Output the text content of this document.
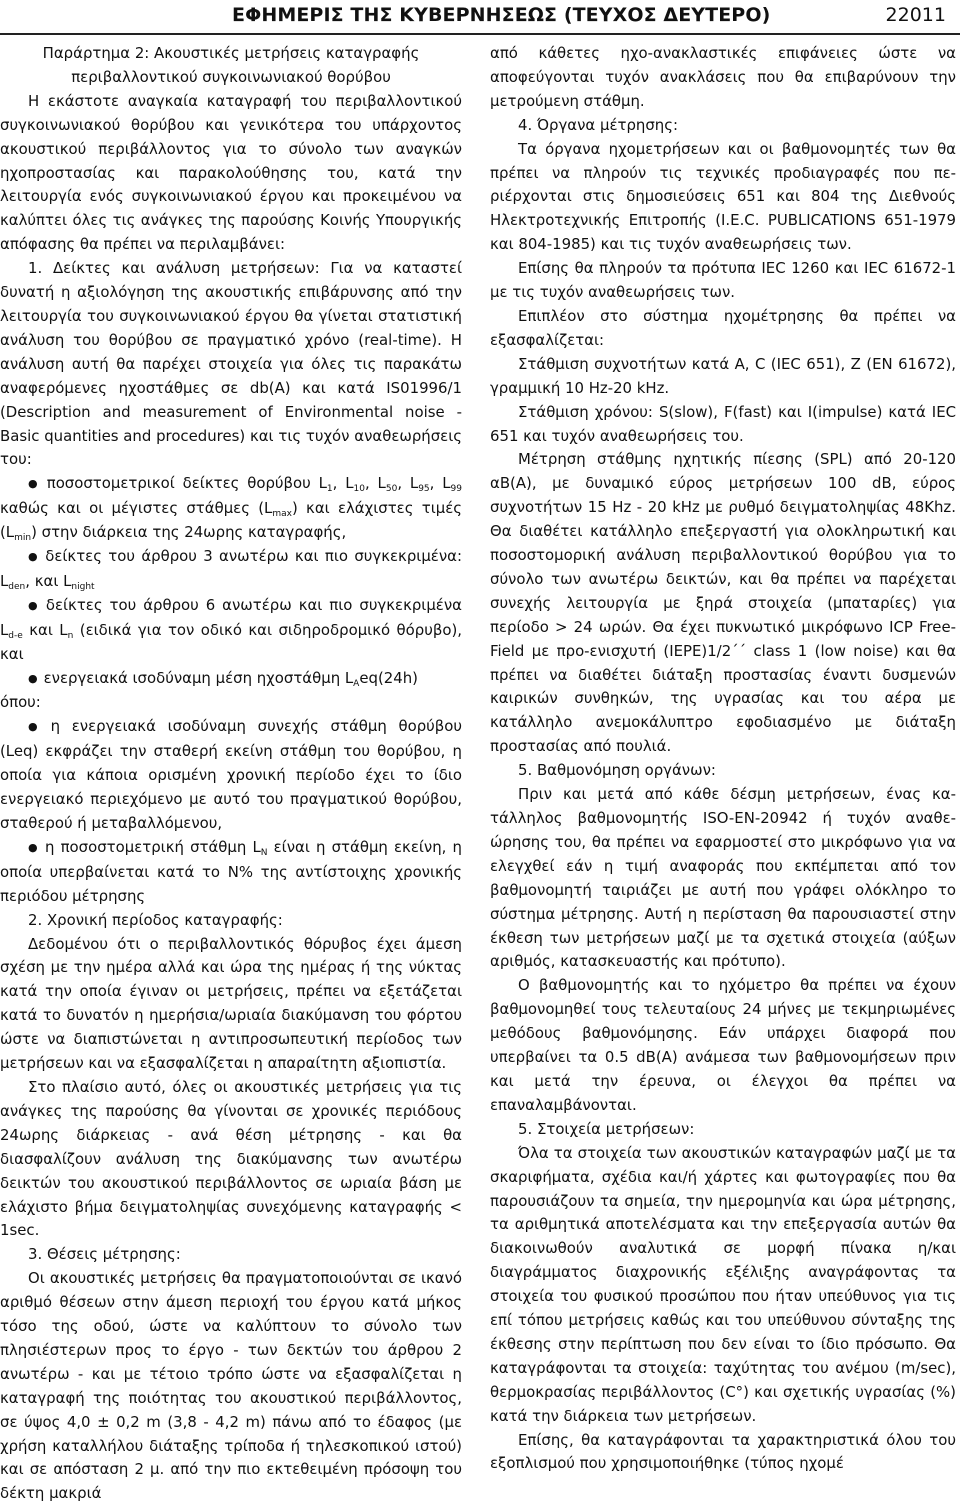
ΕΦΗΜΕΡΙΣ ΤΗΣ ΚΥΒΕΡΝΗΣΕΩΣ (ΤΕΥΧΟΣ ΔΕΥΤΕΡΟ)	22011

Παράρτημα 2: Ακουστικές μετρήσεις καταγραφής

περιβαλλοντικού συγκοινωνιακού θορύβου

Η εκάστοτε αναγκαία καταγραφή του περιβαλλοντικού συγκοινωνιακού θορύβου και γενικότερα του υπάρχοντος ακουστικού περιβάλλοντος για το σύνολο των αναγκών ηχοπροστασίας και παρακολούθησης του, κατά την λειτουργία ενός συγκοινωνιακού έργου και προκειμένου να καλύπτει όλες τις ανάγκες της παρούσης Κοινής Υπουργικής απόφασης θα πρέπει να περιλαμβάνει:

1. Δείκτες και ανάλυση μετρήσεων: Για να καταστεί δυνατή η αξιολόγηση της ακουστικής επιβάρυνσης από την λειτουργία του συγκοινωνιακού έργου θα γίνεται στατιστική ανάλυση του θορύβου σε πραγματικό χρόνο (real-time). Η ανάλυση αυτή θα παρέχει στοιχεία για όλες τις παρακάτω αναφερόμενες ηχοστάθμες σε db(A) και κατά IS01996/1 (Description and measurement of Environmental noise - Basic quantities and procedures) και τις τυχόν αναθεωρήσεις του:

● ποσοστομετρικοί δείκτες θορύβου $L_1$, $L_{10}$, $L_{50}$, $L_{95}$, $L_{99}$ καθώς και οι μέγιστες στάθμες $(L_{max})$ και ελάχιστες τιμές $(L_{min})$ στην διάρκεια της 24ωρης καταγραφής,

● δείκτες του άρθρου 3 ανωτέρω και πιο συγκεκριμένα: $L_{den}$, και $L_{night}$

● δείκτες του άρθρου 6 ανωτέρω και πιο συγκεκριμένα $L_{d-e}$ και $L_n$ (ειδικά για τον οδικό και σιδηροδρομικό θόρυβο), και

● ενεργειακά ισοδύναμη μέση ηχοστάθμη $L_Aeq(24h)$

όπου:

● η ενεργειακά ισοδύναμη συνεχής στάθμη θορύβου (Leq) εκφράζει την σταθερή εκείνη στάθμη του θορύβου, η οποία για κάποια ορισμένη χρονική περίοδο έχει το ίδιο ενεργειακό περιεχόμενο με αυτό του πραγματικού θορύβου, σταθερού ή μεταβαλλόμενου,

● η ποσοστομετρική στάθμη $L_N$ είναι η στάθμη εκείνη, η οποία υπερβαίνεται κατά το N% της αντίστοιχης χρονικής περιόδου μέτρησης

2. Χρονική περίοδος καταγραφής:

Δεδομένου ότι ο περιβαλλοντικός θόρυβος έχει άμεση σχέση με την ημέρα αλλά και ώρα της ημέρας ή της νύκτας κατά την οποία έγιναν οι μετρήσεις, πρέπει να εξετάζεται κατά το δυνατόν η ημερήσια/ωριαία διακύμανση του φόρτου ώστε να διαπιστώνεται η αντιπροσωπευτική περίοδος των μετρήσεων και να εξασφαλίζεται η απαραίτητη αξιοπιστία.

Στο πλαίσιο αυτό, όλες οι ακουστικές μετρήσεις για τις ανάγκες της παρούσης θα γίνονται σε χρονικές περιόδους 24ωρης διάρκειας - ανά θέση μέτρησης - και θα διασφαλίζουν ανάλυση της διακύμανσης των ανωτέρω δεικτών του ακουστικού περιβάλλοντος σε ωριαία βάση με ελάχιστο βήμα δειγματοληψίας συνεχόμενης καταγραφής < 1sec.

3. Θέσεις μέτρησης:

Οι ακουστικές μετρήσεις θα πραγματοποιούνται σε ικανό αριθμό θέσεων στην άμεση περιοχή του έργου κατά μήκος τόσο της οδού, ώστε να καλύπτουν το σύνολο των πλησιέστερων προς το έργο - των δεκτών του άρθρου 2 ανωτέρω - και με τέτοιο τρόπο ώστε να εξασφαλίζεται η καταγραφή της ποιότητας του ακουστικού περιβάλλοντος, σε ύψος 4,0 ± 0,2 m (3,8 - 4,2 m) πάνω από το έδαφος (με χρήση καταλλήλου διάταξης τρίποδα ή τηλεσκοπικού ιστού) και σε απόσταση 2 μ. από την πιο εκτεθειμένη πρόσοψη του δέκτη μακριά

από κάθετες ηχο-ανακλαστικές επιφάνειες ώστε να αποφεύγονται τυχόν ανακλάσεις που θα επιβαρύνουν την μετρούμενη στάθμη.

4. Όργανα μέτρησης:

Τα όργανα ηχομετρήσεων και οι βαθμονομητές των θα πρέπει να πληρούν τις τεχνικές προδιαγραφές που περιέρχονται στις δημοσιεύσεις 651 και 804 της Διεθνούς Ηλεκτροτεχνικής Επιτροπής (I.E.C. PUBLICATIONS 651-1979 και 804-1985) και τις τυχόν αναθεωρήσεις των.

Επίσης θα πληρούν τα πρότυπα IEC 1260 και IEC 61672-1 με τις τυχόν αναθεωρήσεις των.

Επιπλέον στο σύστημα ηχομέτρησης θα πρέπει να εξασφαλίζεται:

Στάθμιση συχνοτήτων κατά A, C (IEC 651), Z (EN 61672), γραμμική 10 Hz-20 kHz.

Στάθμιση χρόνου: S(slow), F(fast) και I(impulse) κατά IEC 651 και τυχόν αναθεωρήσεις του.

Μέτρηση στάθμης ηχητικής πίεσης (SPL) από 20-120 αB(A), με δυναμικό εύρος μετρήσεων 100 dB, εύρος συχνοτήτων 15 Hz - 20 kHz με ρυθμό δειγματοληψίας 48Khz. Θα διαθέτει κατάλληλο επεξεργαστή για ολοκληρωτική και ποσοστομορική ανάλυση περιβαλλοντικού θορύβου για το σύνολο των ανωτέρω δεικτών, και θα πρέπει να παρέχεται συνεχής λειτουργία με ξηρά στοιχεία (μπαταρίες) για περίοδο > 24 ωρών. Θα έχει πυκνωτικό μικρόφωνο ICP Free-Field με προ-ενισχυτή (IEPE)1/2´´ class 1 (low noise) και θα πρέπει να διαθέτει διάταξη προστασίας έναντι δυσμενών καιρικών συνθηκών, της υγρασίας και του αέρα με κατάλληλο ανεμοκάλυπτρο εφοδιασμένο με διάταξη προστασίας από πουλιά.

5. Βαθμονόμηση οργάνων:

Πριν και μετά από κάθε δέσμη μετρήσεων, ένας κατάλληλος βαθμονομητής ISO-EN-20942 ή τυχόν αναθεώρησης του, θα πρέπει να εφαρμοστεί στο μικρόφωνο για να ελεγχθεί εάν η τιμή αναφοράς που εκπέμπεται από τον βαθμονομητή ταιριάζει με αυτή που γράφει ολόκληρο το σύστημα μέτρησης. Αυτή η περίσταση θα παρουσιαστεί στην έκθεση των μετρήσεων μαζί με τα σχετικά στοιχεία (αύξων αριθμός, κατασκευαστής και πρότυπο).

Ο βαθμονομητής και το ηχόμετρο θα πρέπει να έχουν βαθμονομηθεί τους τελευταίους 24 μήνες με τεκμηριωμένες μεθόδους βαθμονόμησης. Εάν υπάρχει διαφορά που υπερβαίνει τα 0.5 dB(A) ανάμεσα των βαθμονομήσεων πριν και μετά την έρευνα, οι έλεγχοι θα πρέπει να επαναλαμβάνονται.

5. Στοιχεία μετρήσεων:

Όλα τα στοιχεία των ακουστικών καταγραφών μαζί με τα σκαριφήματα, σχέδια και/ή χάρτες και φωτογραφίες που θα παρουσιάζουν τα σημεία, την ημερομηνία και ώρα μέτρησης, τα αριθμητικά αποτελέσματα και την επεξεργασία αυτών θα διακοινωθούν αναλυτικά σε μορφή πίνακα η/και διαγράμματος διαχρονικής εξέλιξης αναγράφοντας τα στοιχεία του φυσικού προσώπου που ήταν υπεύθυνος για τις επί τόπου μετρήσεις καθώς και του υπεύθυνου σύνταξης της έκθεσης στην περίπτωση που δεν είναι το ίδιο πρόσωπο. Θα καταγράφονται τα στοιχεία: ταχύτητας του ανέμου (m/sec), θερμοκρασίας περιβάλλοντος (C°) και σχετικής υγρασίας (%) κατά την διάρκεια των μετρήσεων.

Επίσης, θα καταγράφονται τα χαρακτηριστικά όλου του εξοπλισμού που χρησιμοποιήθηκε (τύπος ηχομέ
